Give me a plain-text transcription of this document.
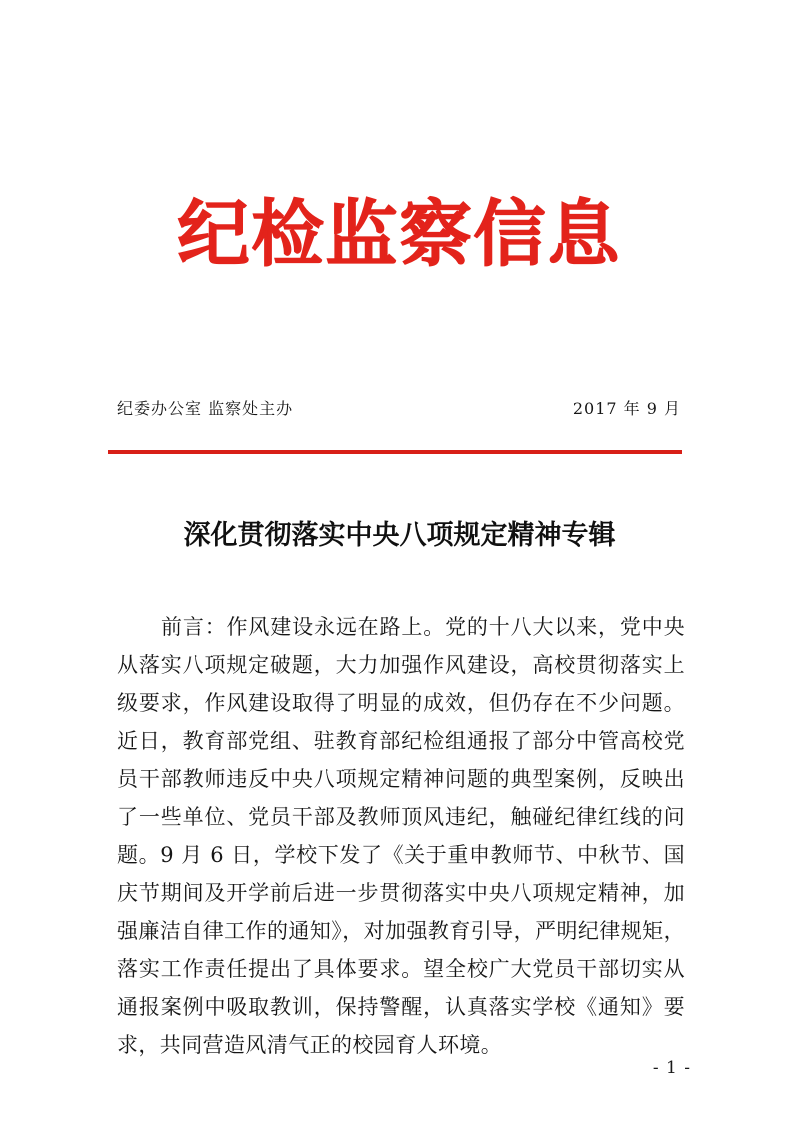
纪检监察信息
纪委办公室 监察处主办	2017 年 9 月
深化贯彻落实中央八项规定精神专辑

前言：作风建设永远在路上。党的十八大以来，党中央从落实八项规定破题，大力加强作风建设，高校贯彻落实上级要求，作风建设取得了明显的成效，但仍存在不少问题。近日，教育部党组、驻教育部纪检组通报了部分中管高校党员干部教师违反中央八项规定精神问题的典型案例，反映出了一些单位、党员干部及教师顶风违纪，触碰纪律红线的问题。9 月 6 日，学校下发了《关于重申教师节、中秋节、国庆节期间及开学前后进一步贯彻落实中央八项规定精神，加强廉洁自律工作的通知》，对加强教育引导，严明纪律规矩，落实工作责任提出了具体要求。望全校广大党员干部切实从通报案例中吸取教训，保持警醒，认真落实学校《通知》要求，共同营造风清气正的校园育人环境。

- 1 -
